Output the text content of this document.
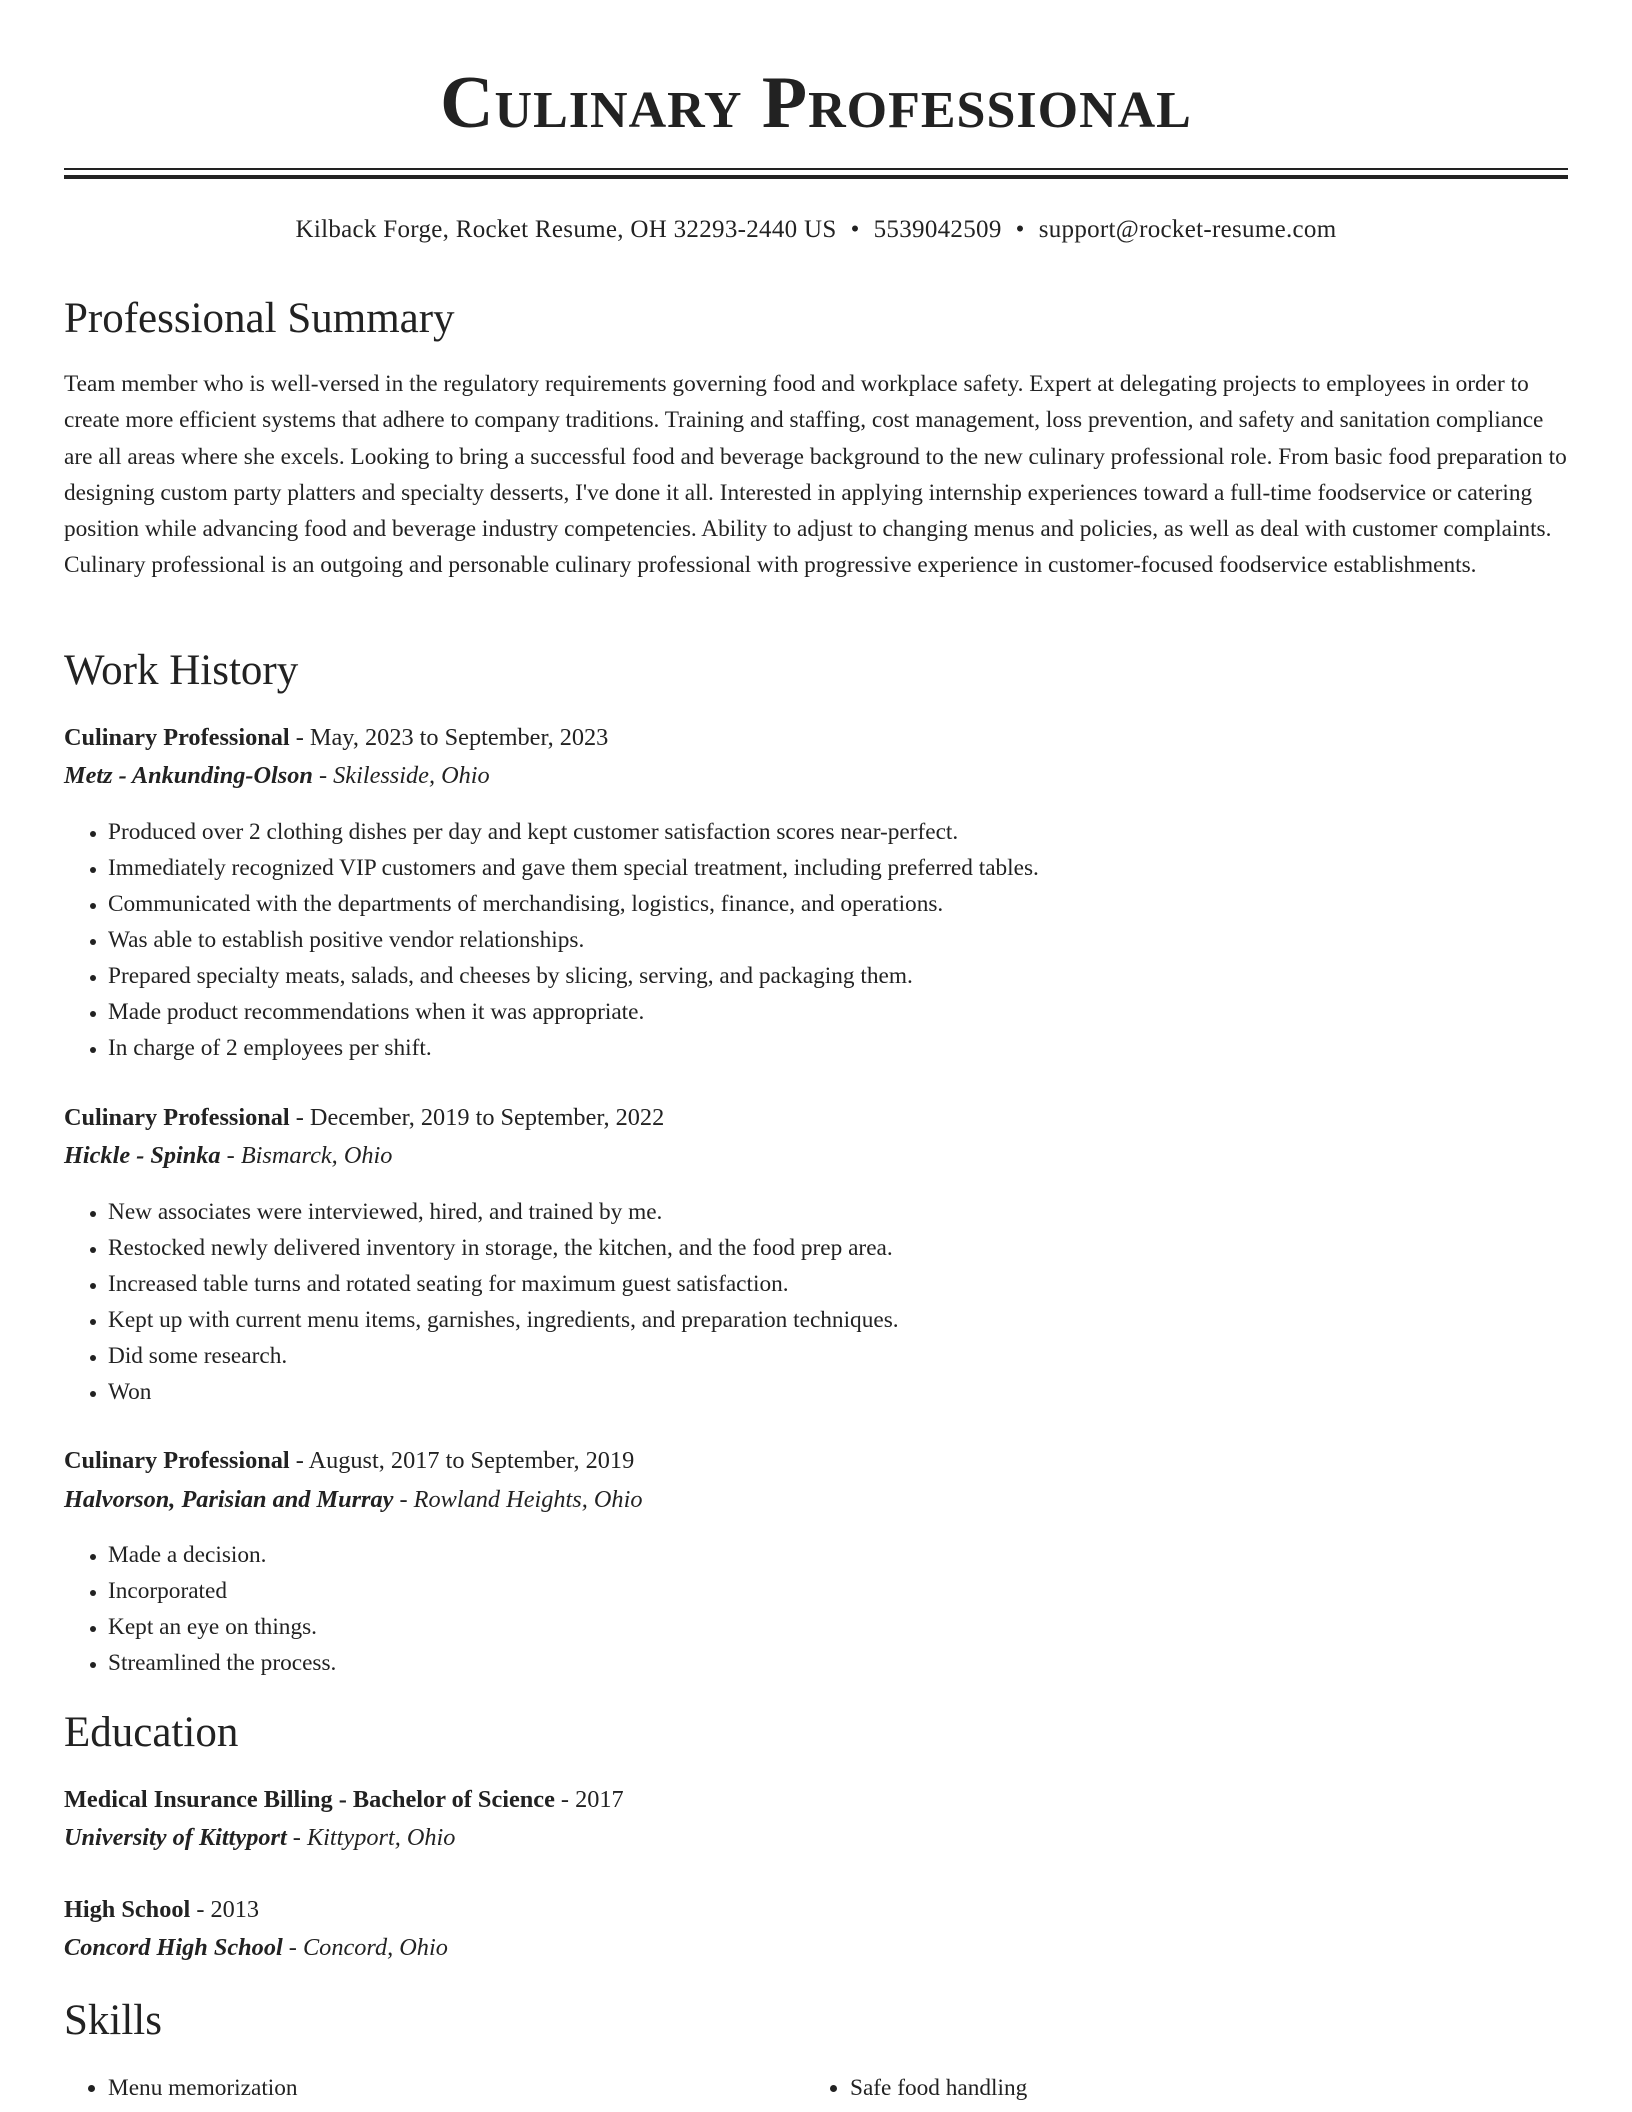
Culinary Professional
Kilback Forge, Rocket Resume, OH 32293-2440 US • 5539042509 • support@rocket-resume.com
Professional Summary

Team member who is well-versed in the regulatory requirements governing food and workplace safety. Expert at delegating projects to employees in order to create more efficient systems that adhere to company traditions. Training and staffing, cost management, loss prevention, and safety and sanitation compliance are all areas where she excels. Looking to bring a successful food and beverage background to the new culinary professional role. From basic food preparation to designing custom party platters and specialty desserts, I've done it all. Interested in applying internship experiences toward a full-time foodservice or catering position while advancing food and beverage industry competencies. Ability to adjust to changing menus and policies, as well as deal with customer complaints. Culinary professional is an outgoing and personable culinary professional with progressive experience in customer-focused foodservice establishments.

Work History
Culinary Professional - May, 2023 to September, 2023
Metz - Ankunding-Olson - Skilesside, Ohio
• Produced over 2 clothing dishes per day and kept customer satisfaction scores near-perfect.
• Immediately recognized VIP customers and gave them special treatment, including preferred tables.
• Communicated with the departments of merchandising, logistics, finance, and operations.
• Was able to establish positive vendor relationships.
• Prepared specialty meats, salads, and cheeses by slicing, serving, and packaging them.
• Made product recommendations when it was appropriate.
• In charge of 2 employees per shift.
Culinary Professional - December, 2019 to September, 2022
Hickle - Spinka - Bismarck, Ohio
• New associates were interviewed, hired, and trained by me.
• Restocked newly delivered inventory in storage, the kitchen, and the food prep area.
• Increased table turns and rotated seating for maximum guest satisfaction.
• Kept up with current menu items, garnishes, ingredients, and preparation techniques.
• Did some research.
• Won
Culinary Professional - August, 2017 to September, 2019
Halvorson, Parisian and Murray - Rowland Heights, Ohio
• Made a decision.
• Incorporated
• Kept an eye on things.
• Streamlined the process.
Education
Medical Insurance Billing - Bachelor of Science - 2017
University of Kittyport - Kittyport, Ohio
High School - 2013
Concord High School - Concord, Ohio
Skills
• Menu memorization
•	Safe food handling
